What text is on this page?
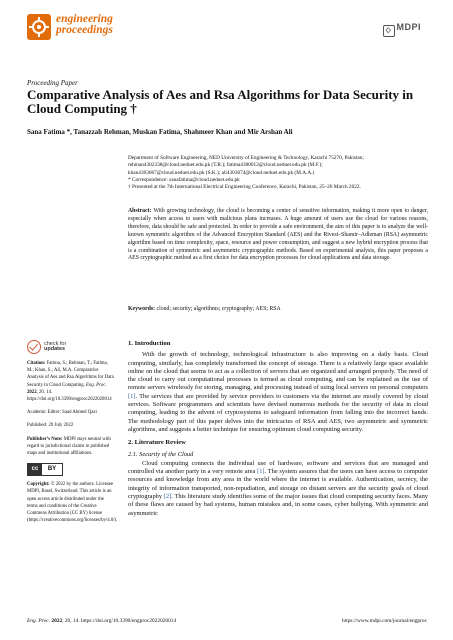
engineering
proceedings	◇ MDPI
Proceeding Paper
Comparative Analysis of Aes and Rsa Algorithms for Data Security in Cloud Computing †
Sana Fatima *, Tanazzah Rehman, Muskan Fatima, Shahmeer Khan and Mir Arshan Ali
Department of Software Engineering, NED University of Engineering & Technology, Karachi 75270, Pakistan;
rehman4302338@cloud.neduet.edu.pk (T.R.); fatima4300012@cloud.neduet.edu.pk (M.F.);
khan4303667@cloud.neduet.edu.pk (S.K.); ali4303674@cloud.neduet.edu.pk (M.A.A.)
* Correspondence: sanafatima@cloud.neduet.edu.pk
† Presented at the 7th International Electrical Engineering Conference, Karachi, Pakistan, 25–26 March 2022.
Abstract: With growing technology, the cloud is becoming a center of sensitive information, making it more open to danger, especially when access to users with malicious plans increases. A huge amount of users use the cloud for various reasons, therefore, data should be safe and protected. In order to provide a safe environment, the aim of this paper is to analyze the well-known symmetric algorithm of the Advanced Encryption Standard (AES) and the Rivest–Shamir–Adleman (RSA) asymmetric algorithm based on time complexity, space, resource and power consumption, and suggest a new hybrid encryption process that is a combination of symmetric and asymmetric cryptographic methods. Based on experimental analysis, this paper proposes a AES cryptographic method as a first choice for data encryption processes for cloud applications and data storage.
Keywords: cloud; security; algorithms; cryptography; AES; RSA
check for
updates
Citation: Fatima, S.; Rehman, T.; Fatima, M.; Khan, S.; Ali, M.A. Comparative Analysis of Aes and Rsa Algorithms for Data Security in Cloud Computing. Eng. Proc. 2022, 20, 14. https://doi.org/10.3390/engproc2022020014
Academic Editor: Saad Ahmed Qazi
Published: 29 July 2022
Publisher’s Note: MDPI stays neutral with regard to jurisdictional claims in published maps and institutional affiliations.
cc	BY
Copyright: © 2022 by the authors. Licensee MDPI, Basel, Switzerland. This article is an open access article distributed under the terms and conditions of the Creative Commons Attribution (CC BY) license (https://creativecommons.org/licenses/by/4.0/).
1. Introduction

With the growth of technology, technological infrastructure is also improving on a daily basis. Cloud computing, similarly, has completely transformed the concept of storage. There is a relatively large space available online on the cloud that seems to act as a collection of servers that are organized and arranged properly. The need of the cloud to carry out computational processes is termed as cloud computing, and can be explained as the use of remote servers wirelessly for storing, managing, and processing instead of using local servers on personal computers [1]. The services that are provided by service providers to customers via the internet are mostly covered by cloud services. Software programmers and scientists have devised numerous methods for the security of data in cloud computing, leading to the advent of cryptosystems to safeguard information from falling into the incorrect hands. The methodology part of this paper delves into the intricacies of RSA and AES, two asymmetric and symmetric algorithms, and suggests a better technique for ensuring optimum cloud computing security.

2. Literature Review
2.1. Security of the Cloud

Cloud computing connects the individual use of hardware, software and services that are managed and controlled via another party in a very remote area [1]. The system assures that the users can have access to computer resources and knowledge from any area in the world where the internet is available. Authentication, secrecy, the integrity of information transported, non-repudiation, and storage on distant servers are the security goals of cloud cryptography [2]. This literature study identifies some of the major issues that cloud computing security faces. Many of these flaws are caused by bad systems, human mistakes and, in some cases, cyber bullying. With symmetric and asymmetric

Eng. Proc. 2022, 20, 14. https://doi.org/10.3390/engproc2022020014	https://www.mdpi.com/journal/engproc
